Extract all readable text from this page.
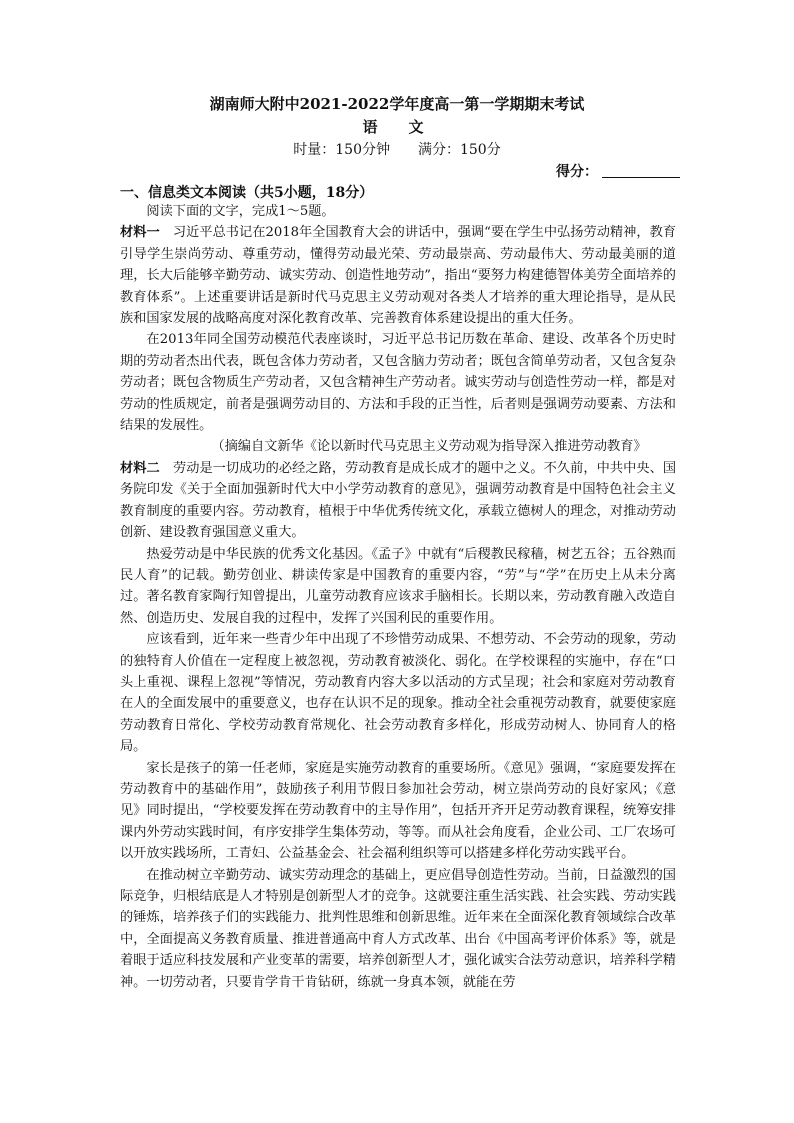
湖南师大附中2021-2022学年度高一第一学期期末考试
语　文
时量：150分钟　　满分：150分
得分：
一、信息类文本阅读（共5小题，18分）

阅读下面的文字，完成1～5题。

材料一　 习近平总书记在2018年全国教育大会的讲话中，强调“要在学生中弘扬劳动精神，教育引导学生崇尚劳动、尊重劳动，懂得劳动最光荣、劳动最崇高、劳动最伟大、劳动最美丽的道理，长大后能够辛勤劳动、诚实劳动、创造性地劳动”，指出“要努力构建德智体美劳全面培养的教育体系”。上述重要讲话是新时代马克思主义劳动观对各类人才培养的重大理论指导，是从民族和国家发展的战略高度对深化教育改革、完善教育体系建设提出的重大任务。

在2013年同全国劳动模范代表座谈时，习近平总书记历数在革命、建设、改革各个历史时期的劳动者杰出代表，既包含体力劳动者，又包含脑力劳动者；既包含简单劳动者，又包含复杂劳动者；既包含物质生产劳动者，又包含精神生产劳动者。诚实劳动与创造性劳动一样，都是对劳动的性质规定，前者是强调劳动目的、方法和手段的正当性，后者则是强调劳动要素、方法和结果的发展性。

（摘编自文新华《论以新时代马克思主义劳动观为指导深入推进劳动教育》

材料二　 劳动是一切成功的必经之路，劳动教育是成长成才的题中之义。不久前，中共中央、国务院印发《关于全面加强新时代大中小学劳动教育的意见》，强调劳动教育是中国特色社会主义教育制度的重要内容。劳动教育，植根于中华优秀传统文化，承载立德树人的理念，对推动劳动创新、建设教育强国意义重大。

热爱劳动是中华民族的优秀文化基因。《孟子》中就有“后稷教民稼穑，树艺五谷；五谷熟而民人育”的记载。勤劳创业、耕读传家是中国教育的重要内容，“劳”与“学”在历史上从未分离过。著名教育家陶行知曾提出，儿童劳动教育应该求手脑相长。长期以来，劳动教育融入改造自然、创造历史、发展自我的过程中，发挥了兴国利民的重要作用。

应该看到，近年来一些青少年中出现了不珍惜劳动成果、不想劳动、不会劳动的现象，劳动的独特育人价值在一定程度上被忽视，劳动教育被淡化、弱化。在学校课程的实施中，存在“口头上重视、课程上忽视”等情况，劳动教育内容大多以活动的方式呈现；社会和家庭对劳动教育在人的全面发展中的重要意义，也存在认识不足的现象。推动全社会重视劳动教育，就要使家庭劳动教育日常化、学校劳动教育常规化、社会劳动教育多样化，形成劳动树人、协同育人的格局。

家长是孩子的第一任老师，家庭是实施劳动教育的重要场所。《意见》强调，“家庭要发挥在劳动教育中的基础作用”，鼓励孩子利用节假日参加社会劳动，树立崇尚劳动的良好家风；《意见》同时提出，“学校要发挥在劳动教育中的主导作用”，包括开齐开足劳动教育课程，统筹安排课内外劳动实践时间，有序安排学生集体劳动，等等。而从社会角度看，企业公司、工厂农场可以开放实践场所，工青妇、公益基金会、社会福利组织等可以搭建多样化劳动实践平台。

在推动树立辛勤劳动、诚实劳动理念的基础上，更应倡导创造性劳动。当前，日益激烈的国际竞争，归根结底是人才特别是创新型人才的竞争。这就要注重生活实践、社会实践、劳动实践的锤炼，培养孩子们的实践能力、批判性思维和创新思维。近年来在全面深化教育领域综合改革中，全面提高义务教育质量、推进普通高中育人方式改革、出台《中国高考评价体系》等，就是着眼于适应科技发展和产业变革的需要，培养创新型人才，强化诚实合法劳动意识，培养科学精神。一切劳动者，只要肯学肯干肯钻研，练就一身真本领，就能在劳
